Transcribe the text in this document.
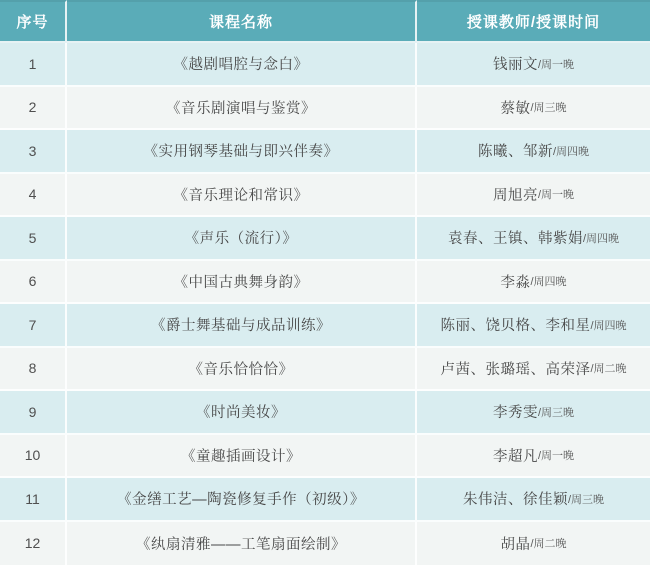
序号	课程名称	授课教师/授课时间
1	《越剧唱腔与念白》	钱丽文 /周一晚
2	《音乐剧演唱与鉴赏》	蔡敏 /周三晚
3	《实用钢琴基础与即兴伴奏》	陈曦、邹新 /周四晚
4	《音乐理论和常识》	周旭亮 /周一晚
5	《声乐（流行）》	袁春、王镇、韩紫娟 /周四晚
6	《中国古典舞身韵》	李淼 /周四晚
7	《爵士舞基础与成品训练》	陈丽、饶贝格、李和星 /周四晚
8	《音乐恰恰恰》	卢茜、张璐瑶、高荣泽 /周二晚
9	《时尚美妆》	李秀雯 /周三晚
10	《童趣插画设计》	李超凡 /周一晚
11	《金缮工艺—陶瓷修复手作（初级）》	朱伟洁、徐佳颖 /周三晚
12	《纨扇清雅——工笔扇面绘制》	胡晶 /周二晚
